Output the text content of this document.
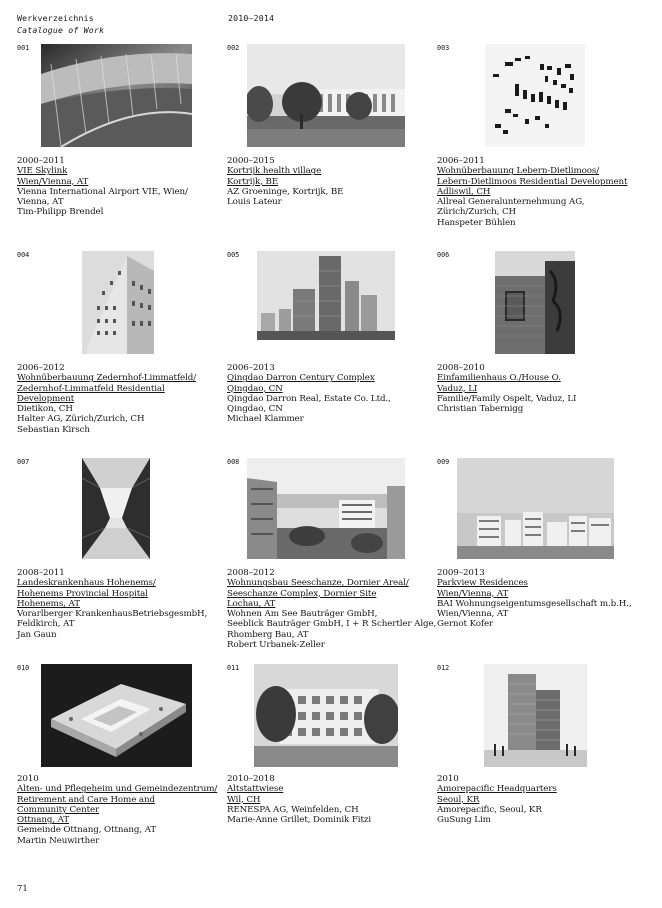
Werkverzeichnis
Catalogue of Work
2010–2014
001
2000–2011
VIE Skylink
Wien/Vienna, AT
Vienna International Airport VIE, Wien/
Vienna, AT
Tim-Philipp Brendel
002
2000–2015
Kortrijk health village
Kortrijk, BE
AZ Groeninge, Kortrijk, BE
Louis Lateur
003
2006–2011
Wohnüberbauung Lebern-Dietlimoos/
Lebern-Dietlimoos Residential Development
Adliswil, CH
Allreal Generalunternehmung AG,
Zürich/Zurich, CH
Hanspeter Bühlen
004
2006–2012
Wohnüberbauung Zedernhof-Limmatfeld/
Zedernhof-Limmatfeld Residential
Development
Dietikon, CH
Halter AG, Zürich/Zurich, CH
Sebastian Kirsch
005
2006–2013
Qingdao Darron Century Complex
Qingdao, CN
Qingdao Darron Real, Estate Co. Ltd.,
Qingdao, CN
Michael Klammer
006
2008–2010
Einfamilienhaus O./House O.
Vaduz, LI
Familie/Family Ospelt, Vaduz, LI
Christian Tabernigg
007
2008–2011
Landeskrankenhaus Hohenems/
Hohenems Provincial Hospital
Hohenems, AT
Vorarlberger KrankenhausBetriebsgesmbH,
Feldkirch, AT
Jan Gaun
008
2008–2012
Wohnungsbau Seeschanze, Dornier Areal/
Seeschanze Complex, Dornier Site
Lochau, AT
Wohnen Am See Bauträger GmbH,
Seeblick Bauträger GmbH, I + R Schertler Alge,
Rhomberg Bau, AT
Robert Urbanek-Zeller
009
2009–2013
Parkview Residences
Wien/Vienna, AT
BAI Wohnungseigentumsgesellschaft m.b.H.,
Wien/Vienna, AT
Gernot Kofer
010
2010
Alten- und Pflegeheim und Gemeindezentrum/
Retirement and Care Home and
Community Center
Ottnang, AT
Gemeinde Ottnang, Ottnang, AT
Martin Neuwirther
011
2010–2018
Altstattwiese
Wil, CH
RENESPA AG, Weinfelden, CH
Marie-Anne Grillet, Dominik Fitzi
012
2010
Amorepacific Headquarters
Seoul, KR
Amorepacific, Seoul, KR
GuSung Lim
71
